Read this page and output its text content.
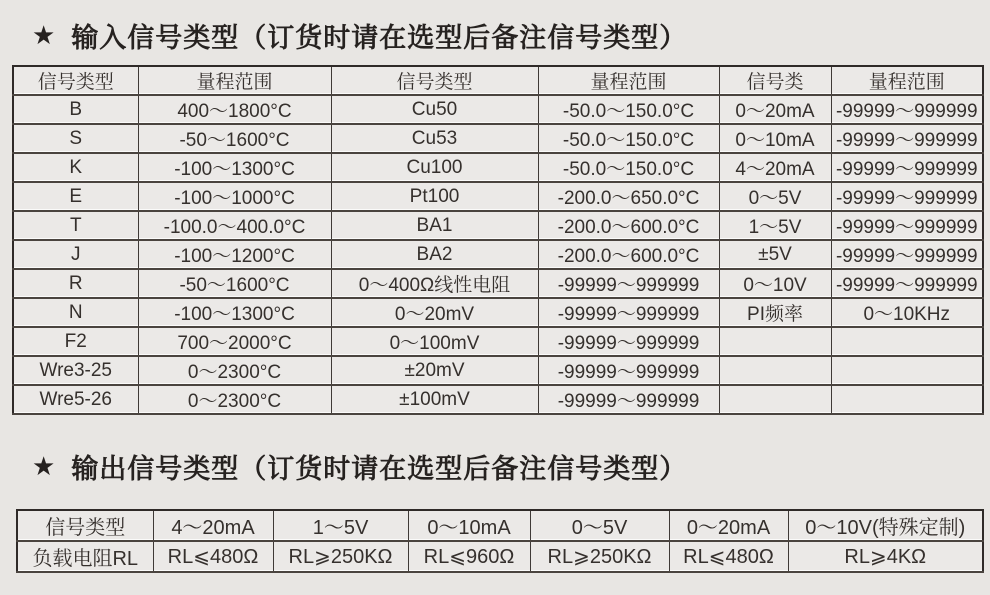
★ 输入信号类型（订货时请在选型后备注信号类型）
信号类型	量程范围	信号类型	量程范围	信号类	量程范围
B	400～1800°C	Cu50	-50.0～150.0°C	0～20mA	-99999～999999
S	-50～1600°C	Cu53	-50.0～150.0°C	0～10mA	-99999～999999
K	-100～1300°C	Cu100	-50.0～150.0°C	4～20mA	-99999～999999
E	-100～1000°C	Pt100	-200.0～650.0°C	0～5V	-99999～999999
T	-100.0～400.0°C	BA1	-200.0～600.0°C	1～5V	-99999～999999
J	-100～1200°C	BA2	-200.0～600.0°C	±5V	-99999～999999
R	-50～1600°C	0～400Ω线性电阻	-99999～999999	0～10V	-99999～999999
N	-100～1300°C	0～20mV	-99999～999999	PI频率	0～10KHz
F2	700～2000°C	0～100mV	-99999～999999		
Wre3-25	0～2300°C	±20mV	-99999～999999		
Wre5-26	0～2300°C	±100mV	-99999～999999		
★ 输出信号类型（订货时请在选型后备注信号类型）
信号类型	4～20mA	1～5V	0～10mA	0～5V	0～20mA	0～10V(特殊定制)
负载电阻RL	RL⩽480Ω	RL⩾250KΩ	RL⩽960Ω	RL⩾250KΩ	RL⩽480Ω	RL⩾4KΩ
